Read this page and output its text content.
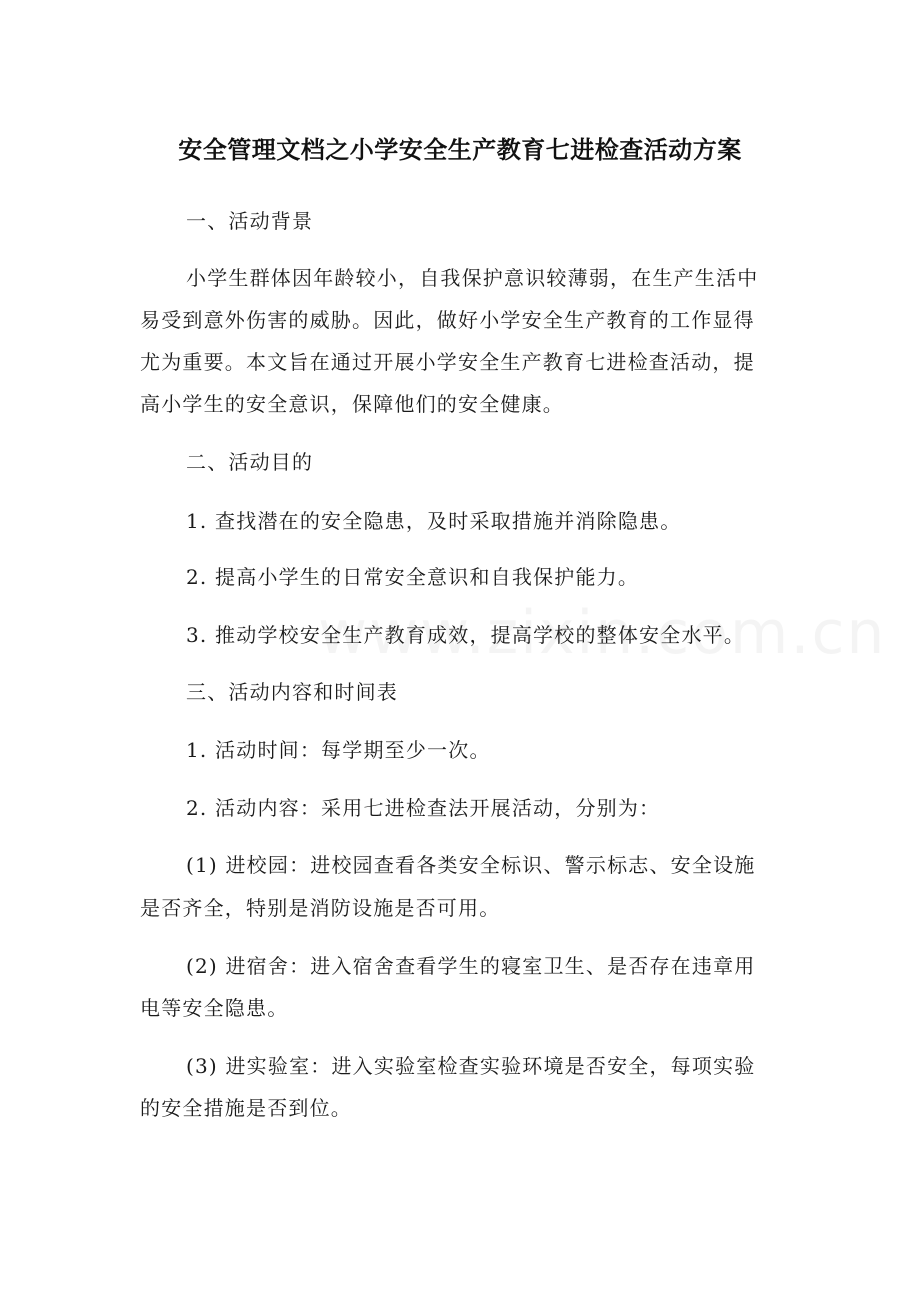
安全管理文档之小学安全生产教育七进检查活动方案
一、活动背景
小学生群体因年龄较小，自我保护意识较薄弱，在生产生活中
易受到意外伤害的威胁。因此，做好小学安全生产教育的工作显得
尤为重要。本文旨在通过开展小学安全生产教育七进检查活动，提
高小学生的安全意识，保障他们的安全健康。
二、活动目的
1. 查找潜在的安全隐患，及时采取措施并消除隐患。
2. 提高小学生的日常安全意识和自我保护能力。
3. 推动学校安全生产教育成效，提高学校的整体安全水平。
三、活动内容和时间表
1. 活动时间：每学期至少一次。
2. 活动内容：采用七进检查法开展活动，分别为：
(1) 进校园：进校园查看各类安全标识、警示标志、安全设施
是否齐全，特别是消防设施是否可用。
(2) 进宿舍：进入宿舍查看学生的寝室卫生、是否存在违章用
电等安全隐患。
(3) 进实验室：进入实验室检查实验环境是否安全，每项实验
的安全措施是否到位。
